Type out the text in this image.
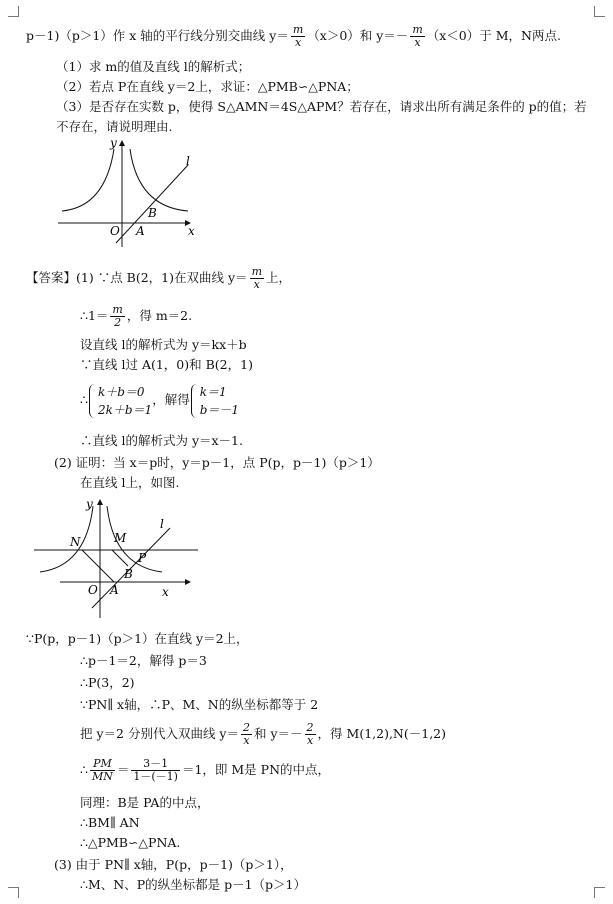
p－1)（p＞1）作 x 轴的平行线分别交曲线 $y= \frac{m}{x} (x>0)$和 $y=- \frac{m}{x} (x<0)$于 M，N两点.
（1）求 m的值及直线 l的解析式；
（2）若点 P在直线 y＝2上，求证：△PMB∽△PNA；
（3）是否存在实数 p，使得 S△AMN＝4S△APM？若存在，请求出所有满足条件的 p的值；若
不存在，请说明理由.
y
x
O A
B
l
【答案】(1) ∵点 B(2，1)在双曲线 $y= \frac{m}{x}$ 上，
∴1＝ $\frac{m}{2}$ ，得 m＝2.
设直线 l的解析式为 y＝kx＋b
∵直线 l过 A(1，0)和 B(2，1)
∴
k＋b＝0
2k＋b＝1
，解得
k＝1
b＝－1
∴直线 l的解析式为 y＝x－1.
(2) 证明：当 x＝p时，y＝p－1，点 P(p，p－1)（p＞1）
在直线 l上，如图.
y
x
O A
B
l
N	M
P
∵P(p，p－1)（p＞1）在直线 y＝2上，
∴p－1＝2，解得 p＝3
∴P(3，2)
∵PN∥ x轴，∴P、M、N的纵坐标都等于 2
把 y＝2 分别代入双曲线 $y= \frac{2}{x}$ 和 $y=- \frac{2}{x}$ ，得 M(1,2),N(－1,2)
∴ $\frac{PM}{MN} = \frac{3-1}{1-(-1)} =1$，即 M是 PN的中点，
同理：B是 PA的中点，
∴BM∥ AN
∴△PMB∽△PNA.
(3) 由于 PN∥ x轴，P(p，p－1)（p＞1），
∴M、N、P的纵坐标都是 p－1（p＞1）
